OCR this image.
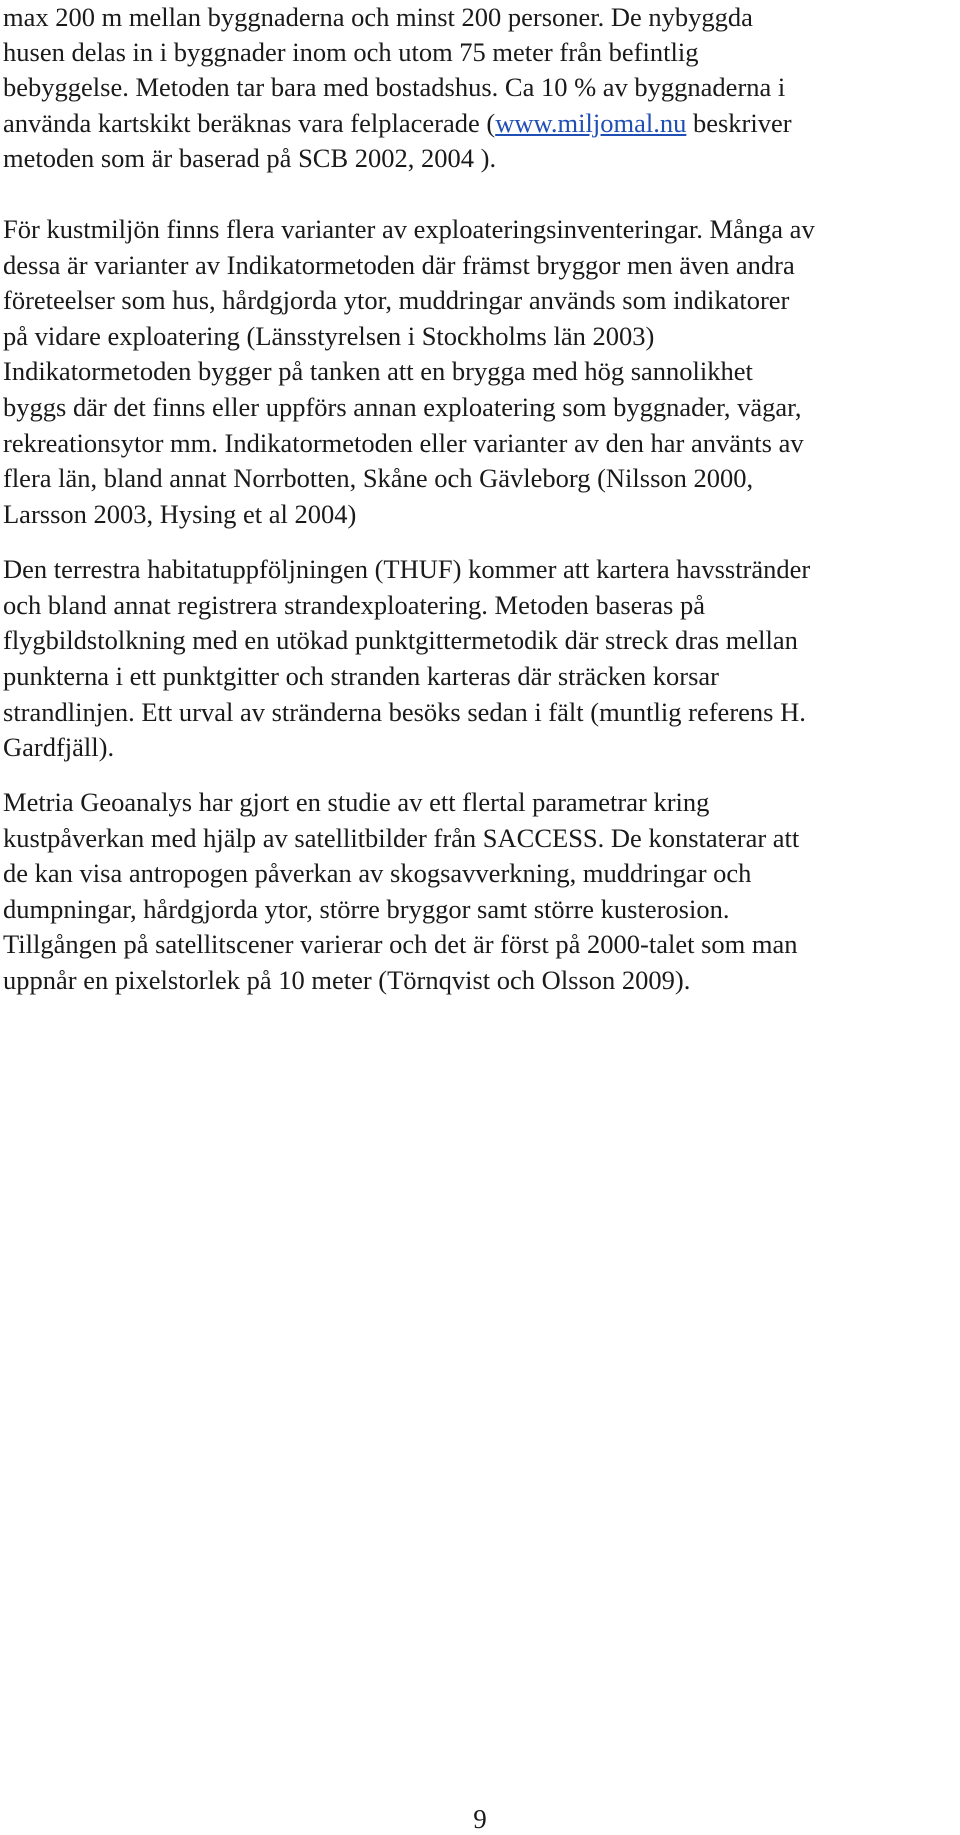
max 200 m mellan byggnaderna och minst 200 personer. De nybyggda
husen delas in i byggnader inom och utom 75 meter från befintlig
bebyggelse. Metoden tar bara med bostadshus. Ca 10 % av byggnaderna i
använda kartskikt beräknas vara felplacerade (www.miljomal.nu beskriver
metoden som är baserad på SCB 2002, 2004 ).
För kustmiljön finns flera varianter av exploateringsinventeringar. Många av
dessa är varianter av Indikatormetoden där främst bryggor men även andra
företeelser som hus, hårdgjorda ytor, muddringar används som indikatorer
på vidare exploatering (Länsstyrelsen i Stockholms län 2003)
Indikatormetoden bygger på tanken att en brygga med hög sannolikhet
byggs där det finns eller uppförs annan exploatering som byggnader, vägar,
rekreationsytor mm. Indikatormetoden eller varianter av den har använts av
flera län, bland annat Norrbotten, Skåne och Gävleborg (Nilsson 2000,
Larsson 2003, Hysing et al 2004)
Den terrestra habitatuppföljningen (THUF) kommer att kartera havsstränder
och bland annat registrera strandexploatering. Metoden baseras på
flygbildstolkning med en utökad punktgittermetodik där streck dras mellan
punkterna i ett punktgitter och stranden karteras där sträcken korsar
strandlinjen. Ett urval av stränderna besöks sedan i fält (muntlig referens H.
Gardfjäll).
Metria Geoanalys har gjort en studie av ett flertal parametrar kring
kustpåverkan med hjälp av satellitbilder från SACCESS. De konstaterar att
de kan visa antropogen påverkan av skogsavverkning, muddringar och
dumpningar, hårdgjorda ytor, större bryggor samt större kusterosion.
Tillgången på satellitscener varierar och det är först på 2000-talet som man
uppnår en pixelstorlek på 10 meter (Törnqvist och Olsson 2009).
9
